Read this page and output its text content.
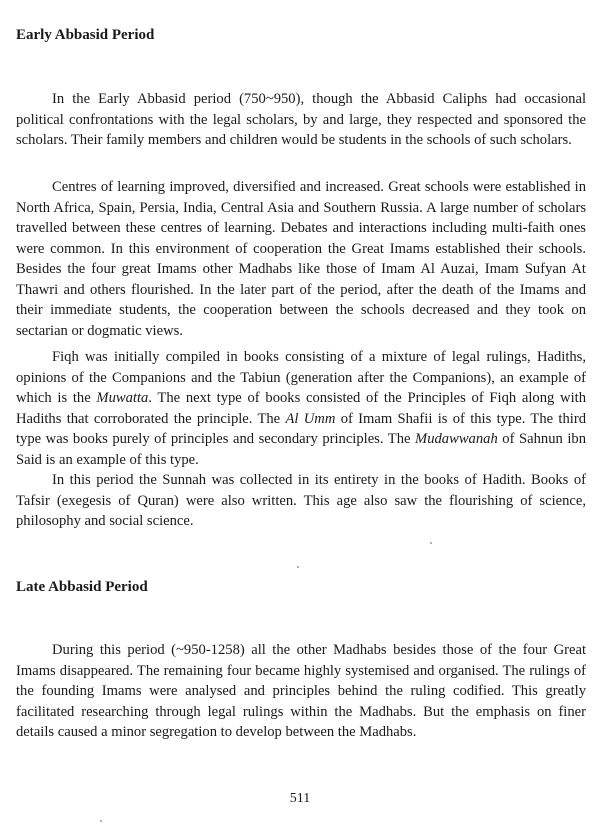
Early Abbasid Period

In the Early Abbasid period (750~950), though the Abbasid Caliphs had occasional political confrontations with the legal scholars, by and large, they respected and sponsored the scholars. Their family members and children would be students in the schools of such scholars.

Centres of learning improved, diversified and increased. Great schools were established in North Africa, Spain, Persia, India, Central Asia and Southern Russia. A large number of scholars travelled between these centres of learning. Debates and interactions including multi-faith ones were common. In this environment of cooperation the Great Imams established their schools. Besides the four great Imams other Madhabs like those of Imam Al Auzai, Imam Sufyan At Thawri and others flourished. In the later part of the period, after the death of the Imams and their immediate students, the cooperation between the schools decreased and they took on sectarian or dogmatic views.

Fiqh was initially compiled in books consisting of a mixture of legal rulings, Hadiths, opinions of the Companions and the Tabiun (generation after the Companions), an example of which is the Muwatta. The next type of books consisted of the Principles of Fiqh along with Hadiths that corroborated the principle. The Al Umm of Imam Shafii is of this type. The third type was books purely of principles and secondary principles. The Mudawwanah of Sahnun ibn Said is an example of this type.

In this period the Sunnah was collected in its entirety in the books of Hadith. Books of Tafsir (exegesis of Quran) were also written. This age also saw the flourishing of science, philosophy and social science.

Late Abbasid Period

During this period (~950-1258) all the other Madhabs besides those of the four Great Imams disappeared. The remaining four became highly systemised and organised. The rulings of the founding Imams were analysed and principles behind the ruling codified. This greatly facilitated researching through legal rulings within the Madhabs. But the emphasis on finer details caused a minor segregation to develop between the Madhabs.

511
